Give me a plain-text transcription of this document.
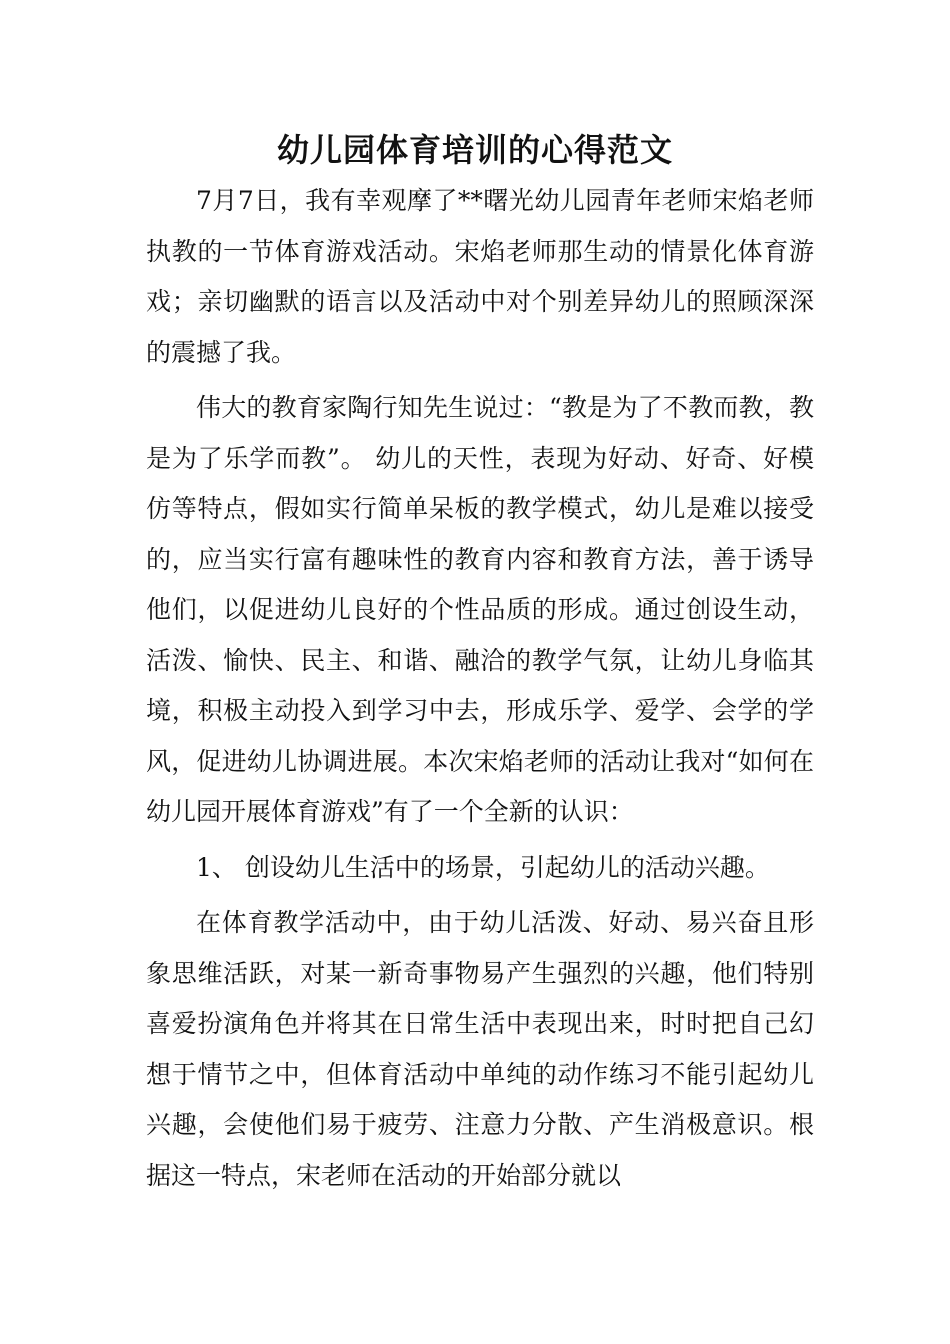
幼儿园体育培训的心得范文

7月7日，我有幸观摩了**曙光幼儿园青年老师宋焰老师执教的一节体育游戏活动。宋焰老师那生动的情景化体育游戏；亲切幽默的语言以及活动中对个别差异幼儿的照顾深深的震撼了我。

伟大的教育家陶行知先生说过：“教是为了不教而教，教是为了乐学而教”。 幼儿的天性，表现为好动、好奇、好模仿等特点，假如实行简单呆板的教学模式，幼儿是难以接受的，应当实行富有趣味性的教育内容和教育方法，善于诱导他们，以促进幼儿良好的个性品质的形成。通过创设生动，活泼、愉快、民主、和谐、融洽的教学气氛，让幼儿身临其境，积极主动投入到学习中去，形成乐学、爱学、会学的学风，促进幼儿协调进展。本次宋焰老师的活动让我对“如何在幼儿园开展体育游戏”有了一个全新的认识：

1、 创设幼儿生活中的场景，引起幼儿的活动兴趣。

在体育教学活动中，由于幼儿活泼、好动、易兴奋且形象思维活跃，对某一新奇事物易产生强烈的兴趣，他们特别喜爱扮演角色并将其在日常生活中表现出来，时时把自己幻想于情节之中，但体育活动中单纯的动作练习不能引起幼儿兴趣，会使他们易于疲劳、注意力分散、产生消极意识。根据这一特点，宋老师在活动的开始部分就以
